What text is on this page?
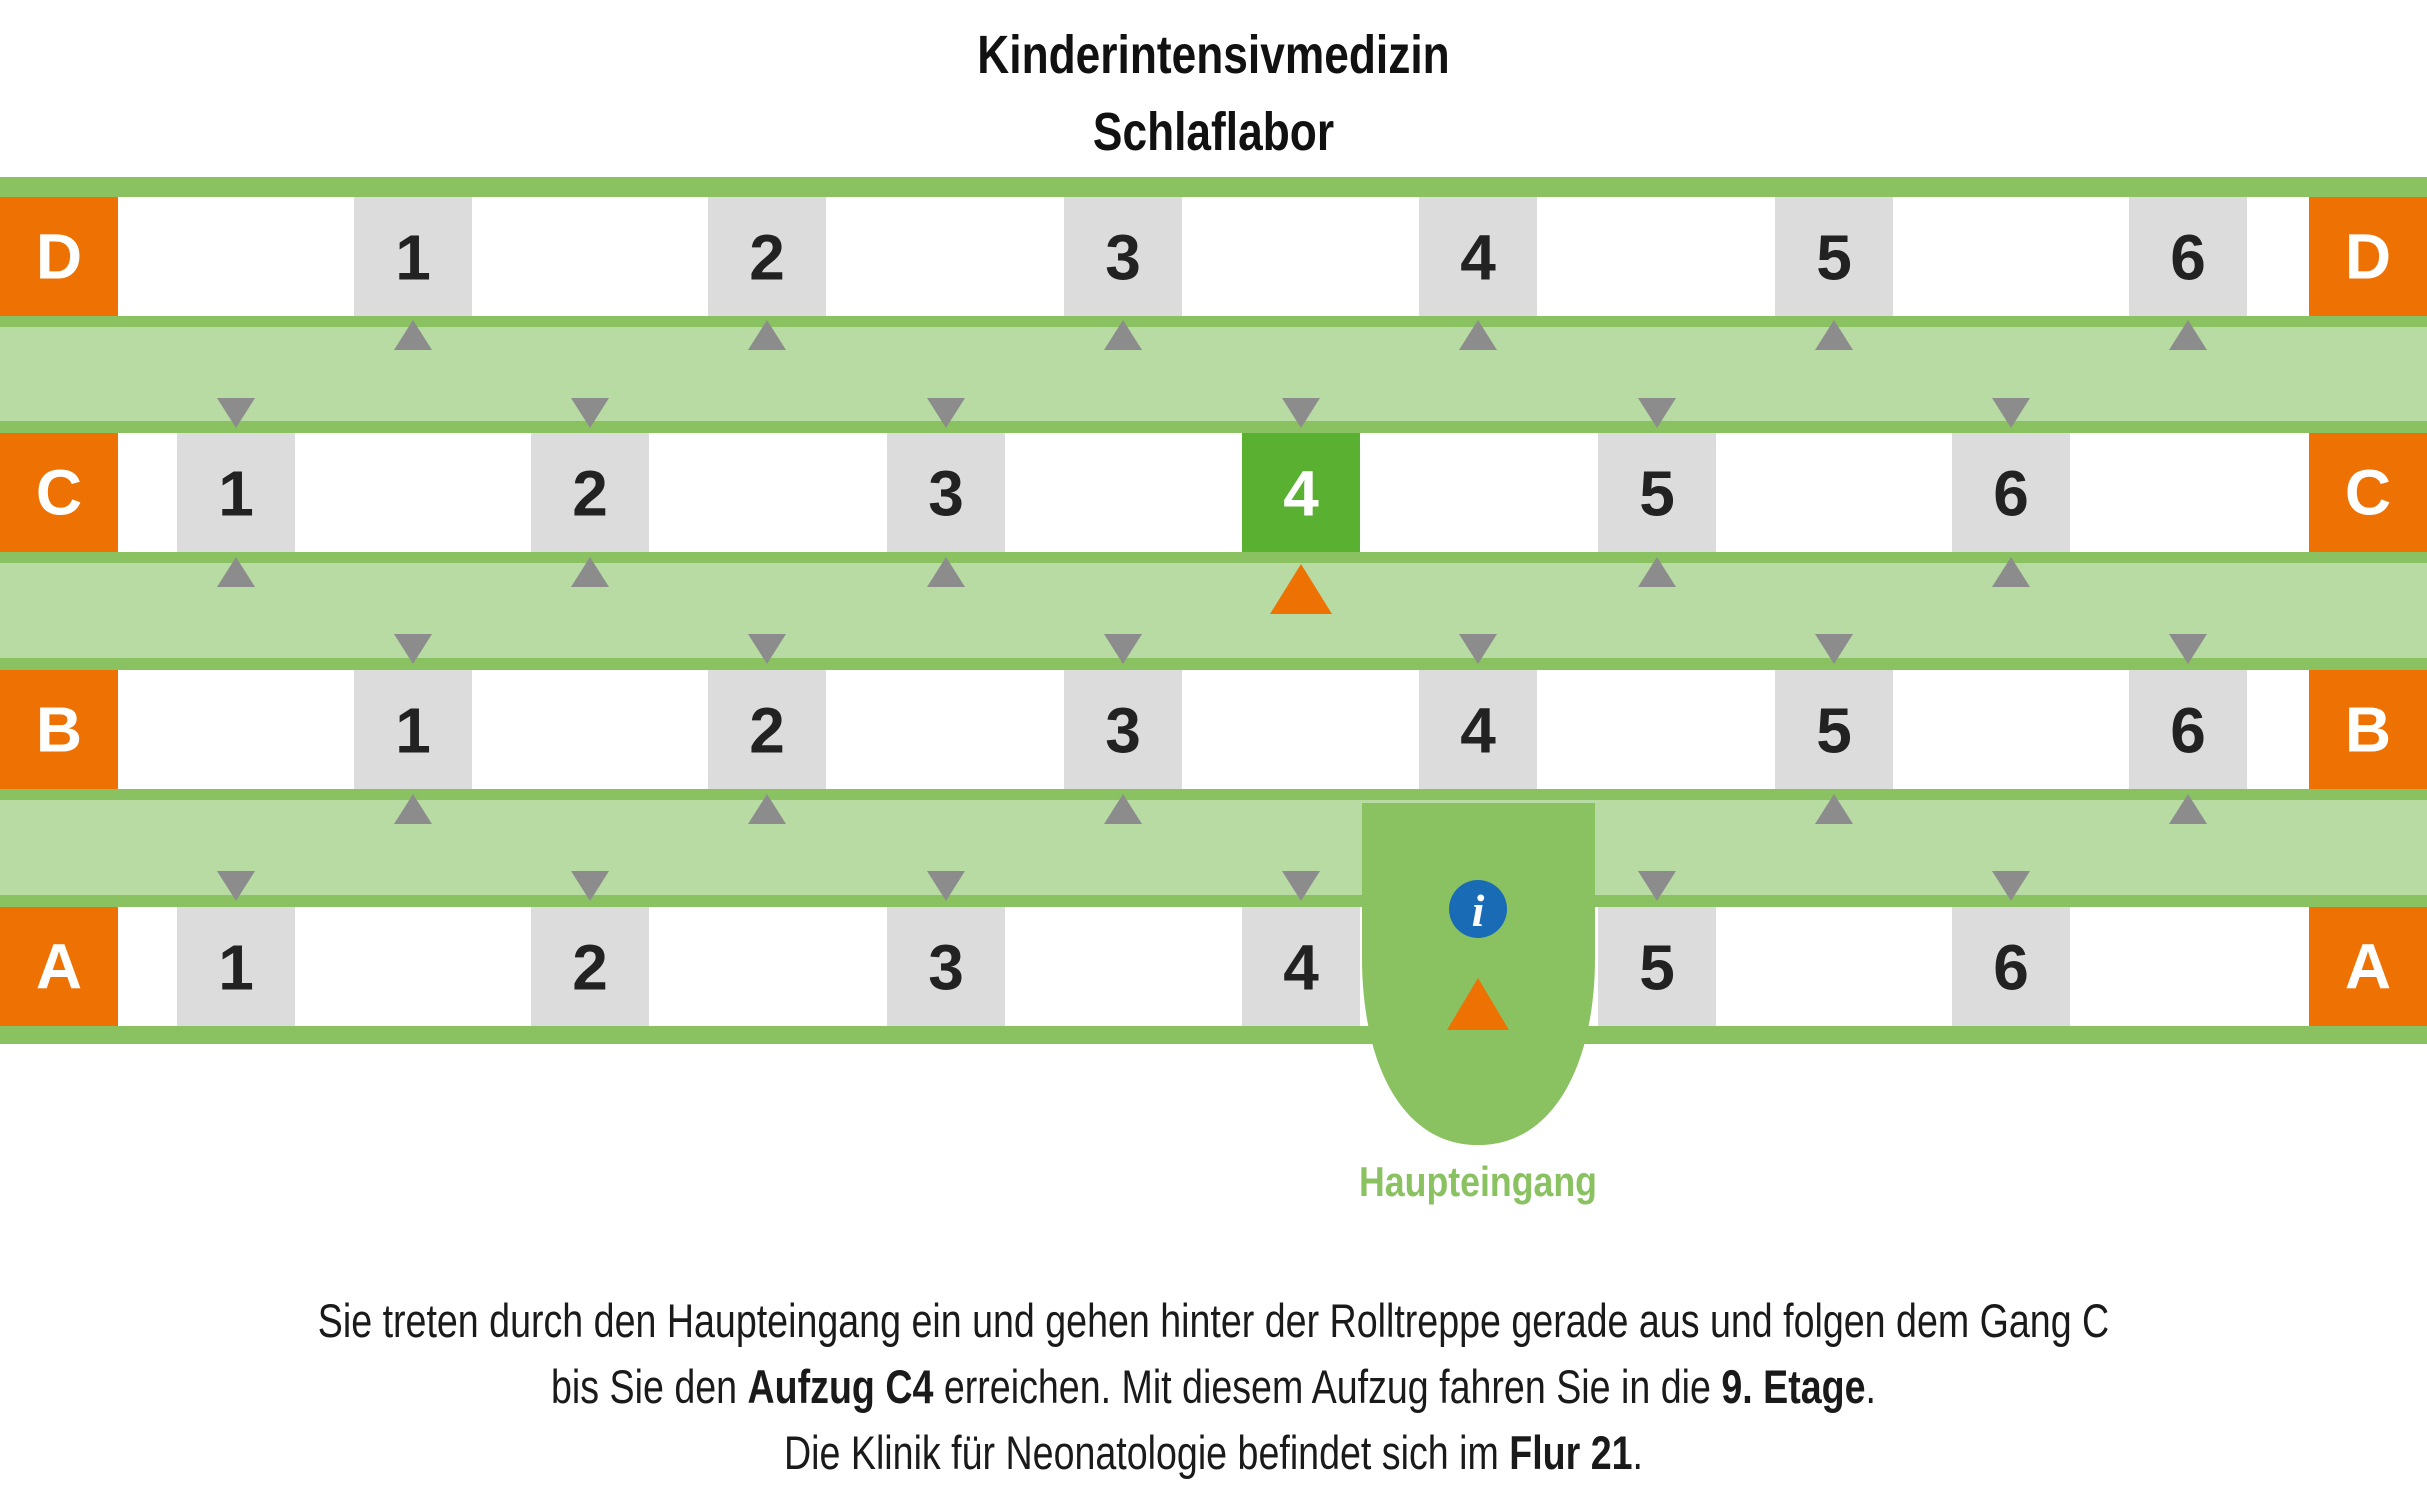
Kinderintensivmedizin
Schlaflabor
D	D
1	2	3	4	5	6
C	C
1	2	3	4	5	6
B	B
1	2	3	4	5	6
A	A
1	2	3	4	5	6
i
Haupteingang
Sie treten durch den Haupteingang ein und gehen hinter der Rolltreppe gerade aus und folgen dem Gang C
bis Sie den Aufzug C4 erreichen. Mit diesem Aufzug fahren Sie in die 9. Etage.
Die Klinik für Neonatologie befindet sich im Flur 21.
